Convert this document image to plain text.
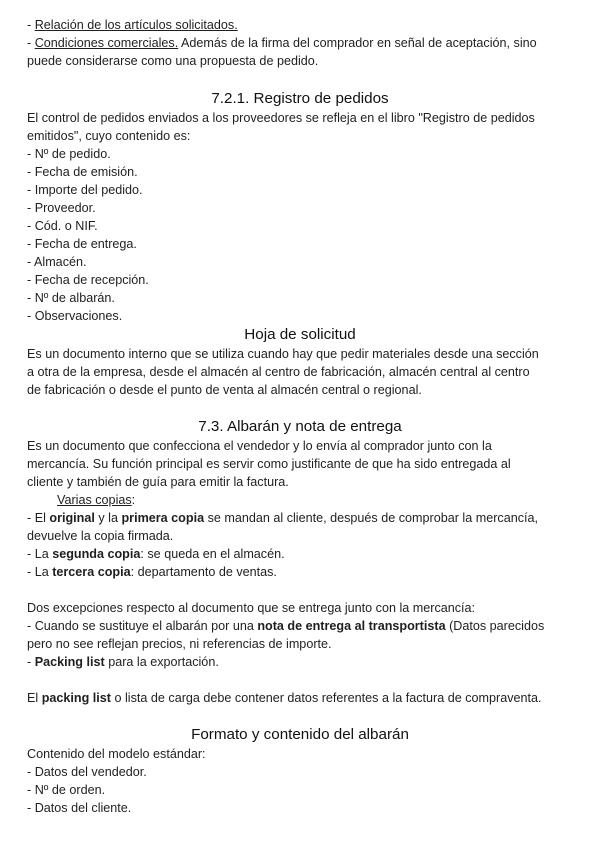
- Relación de los artículos solicitados.
- Condiciones comerciales. Además de la firma del comprador en señal de aceptación, sino
puede considerarse como una propuesta de pedido.
7.2.1. Registro de pedidos
El control de pedidos enviados a los proveedores se refleja en el libro "Registro de pedidos
emitidos", cuyo contenido es:
- Nº de pedido.
- Fecha de emisión.
- Importe del pedido.
- Proveedor.
- Cód. o NIF.
- Fecha de entrega.
- Almacén.
- Fecha de recepción.
- Nº de albarán.
- Observaciones.
Hoja de solicitud
Es un documento interno que se utiliza cuando hay que pedir materiales desde una sección
a otra de la empresa, desde el almacén al centro de fabricación, almacén central al centro
de fabricación o desde el punto de venta al almacén central o regional.
7.3. Albarán y nota de entrega
Es un documento que confecciona el vendedor y lo envía al comprador junto con la
mercancía. Su función principal es servir como justificante de que ha sido entregada al
cliente y también de guía para emitir la factura.
Varias copias:
- El original y la primera copia se mandan al cliente, después de comprobar la mercancía,
devuelve la copia firmada.
- La segunda copia: se queda en el almacén.
- La tercera copia: departamento de ventas.
Dos excepciones respecto al documento que se entrega junto con la mercancía:
- Cuando se sustituye el albarán por una nota de entrega al transportista (Datos parecidos
pero no see reflejan precios, ni referencias de importe.
- Packing list para la exportación.
El packing list o lista de carga debe contener datos referentes a la factura de compraventa.
Formato y contenido del albarán
Contenido del modelo estándar:
- Datos del vendedor.
- Nº de orden.
- Datos del cliente.
